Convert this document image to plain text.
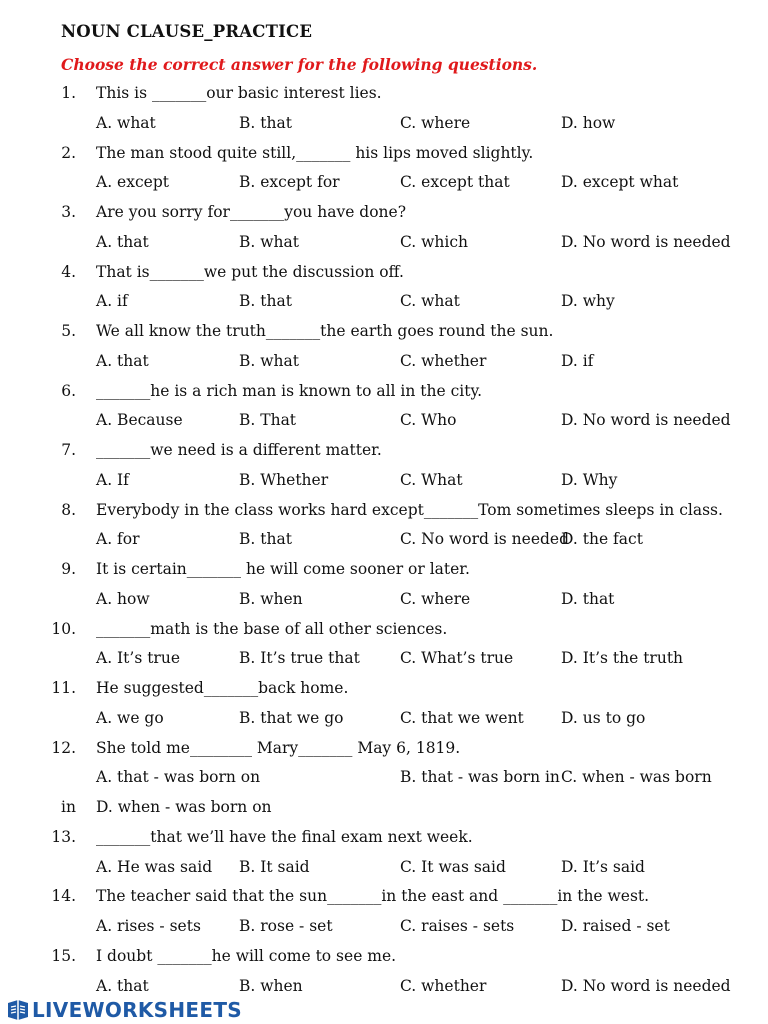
NOUN CLAUSE_PRACTICE
Choose the correct answer for the following questions.
1. This is _______our basic interest lies.
A. what	B. that	C. where	D. how
2. The man stood quite still,_______ his lips moved slightly.
A. except	B. except for	C. except that	D. except what
3. Are you sorry for_______you have done?
A. that	B. what	C. which	D. No word is needed
4. That is_______we put the discussion off.
A. if	B. that	C. what	D. why
5. We all know the truth_______the earth goes round the sun.
A. that	B. what	C. whether	D. if
6. _______he is a rich man is known to all in the city.
A. Because	B. That	C. Who	D. No word is needed
7. _______we need is a different matter.
A. If	B. Whether	C. What	D. Why
8. Everybody in the class works hard except_______Tom sometimes sleeps in class.
A. for	B. that	C. No word is needed
D. the fact
9. It is certain_______ he will come sooner or later.
A. how	B. when	C. where	D. that
10. _______math is the base of all other sciences.
A. It’s true	B. It’s true that	C. What’s true	D. It’s the truth
11. He suggested_______back home.
A. we go	B. that we go	C. that we went D. us to go
12. She told me________ Mary_______ May 6, 1819.
A. that - was born on	B. that - was born in C. when - was born
in D. when - was born on
13. _______that we’ll have the final exam next week.
A. He was said B. It said	C. It was said	D. It’s said
14. The teacher said that the sun_______in the east and _______in the west.
A. rises - sets B. rose - set	C. raises - sets	D. raised - set
15. I doubt _______he will come to see me.
A. that	B. when	C. whether	D. No word is needed
LIVEWORKSHEETS
